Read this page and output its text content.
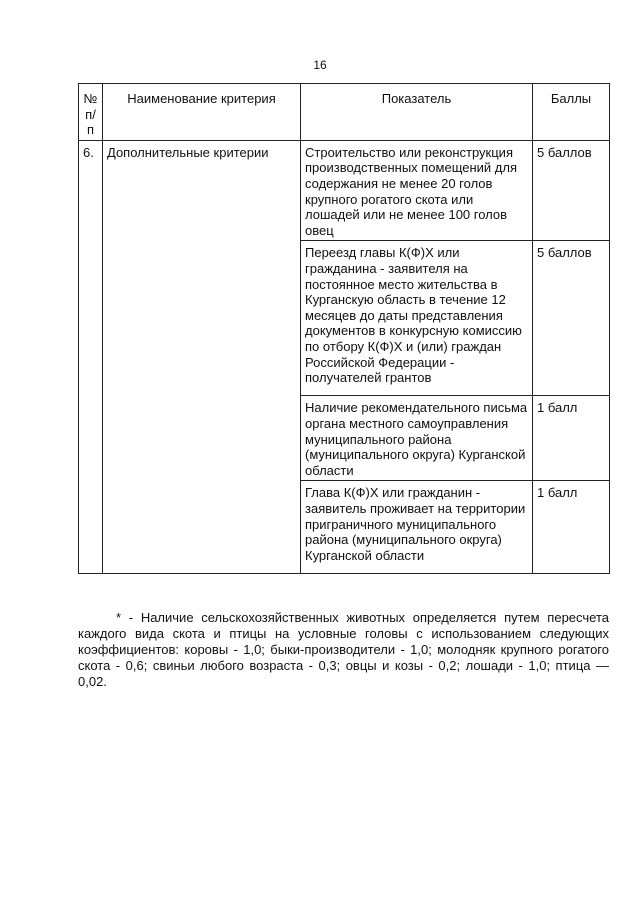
16
№ п/п	Наименование критерия	Показатель	Баллы
6.	Дополнительные критерии	Строительство или реконструкция производственных помещений для содержания не менее 20 голов крупного рогатого скота или лошадей или не менее 100 голов овец	5 баллов
		Переезд главы К(Ф)Х или гражданина - заявителя на постоянное место жительства в Курганскую область в течение 12 месяцев до даты представления документов в конкурсную комиссию по отбору К(Ф)Х и (или) граждан Российской Федерации - получателей грантов	5 баллов
		Наличие рекомендательного письма органа местного самоуправления муниципального района (муниципального округа) Курганской области	1 балл
		Глава К(Ф)Х или гражданин - заявитель проживает на территории приграничного муниципального района (муниципального округа) Курганской области	1 балл

* - Наличие сельскохозяйственных животных определяется путем пересчета каждого вида скота и птицы на условные головы с использованием следующих коэффициентов: коровы - 1,0; быки-производители - 1,0; молодняк крупного рогатого скота - 0,6; свиньи любого возраста - 0,3; овцы и козы - 0,2; лошади - 1,0; птица — 0,02.
